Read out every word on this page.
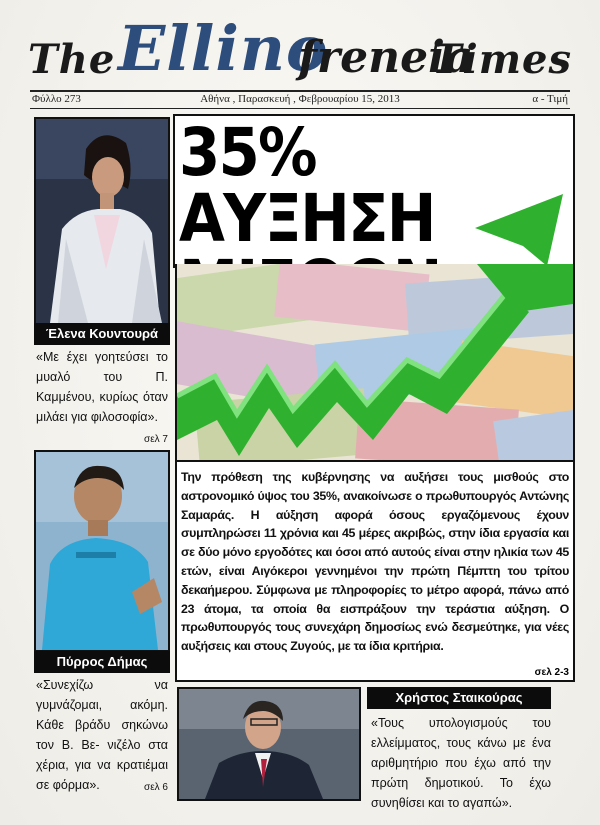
The Ellino
freneia
Times
Φύλλο 273	Αθήνα , Παρασκευή , Φεβρουαρίου 15, 2013	α - Τιμή
Έλενα Κουντουρά
«Με έχει γοητεύσει το μυαλό του Π. Καμμένου, κυρίως όταν μιλάει για φιλοσοφία».
σελ 7
Πύρρος Δήμας
«Συνεχίζω να γυμνάζομαι, ακόμη. Κάθε βράδυ σηκώνω τον Β. Βε- νιζέλο στα χέρια, για να κρατιέμαι σε φόρμα».	σελ 6
35% ΑΥΞΗΣΗ
Την πρόθεση της κυβέρνησης να αυξήσει τους μισθούς στο αστρονομικό ύψος του 35%, ανακοίνωσε ο πρωθυπουργός Αντώνης Σαμαράς. Η αύξηση αφορά όσους εργαζόμενους έχουν συμπληρώσει 11 χρόνια και 45 μέρες ακριβώς, στην ίδια εργασία και σε δύο μόνο εργοδότες και όσοι από αυτούς είναι στην ηλικία των 45 ετών, είναι Αιγόκεροι γεννημένοι την πρώτη Πέμπτη του τρίτου δεκαήμερου. Σύμφωνα με πληροφορίες το μέτρο αφορά, πάνω από 23 άτομα, τα οποία θα εισπράξουν την τεράστια αύξηση. Ο πρωθυπουργός τους συνεχάρη δημοσίως ενώ δεσμεύτηκε, για νέες αυξήσεις και στους Ζυγούς, με τα ίδια κριτήρια.
σελ 2-3
Χρήστος Σταικούρας
«Τους υπολογισμούς του ελλείμματος, τους κάνω με ένα αριθμητήριο που έχω από την πρώτη δημοτικού. Το έχω συνηθίσει και το αγαπώ».
